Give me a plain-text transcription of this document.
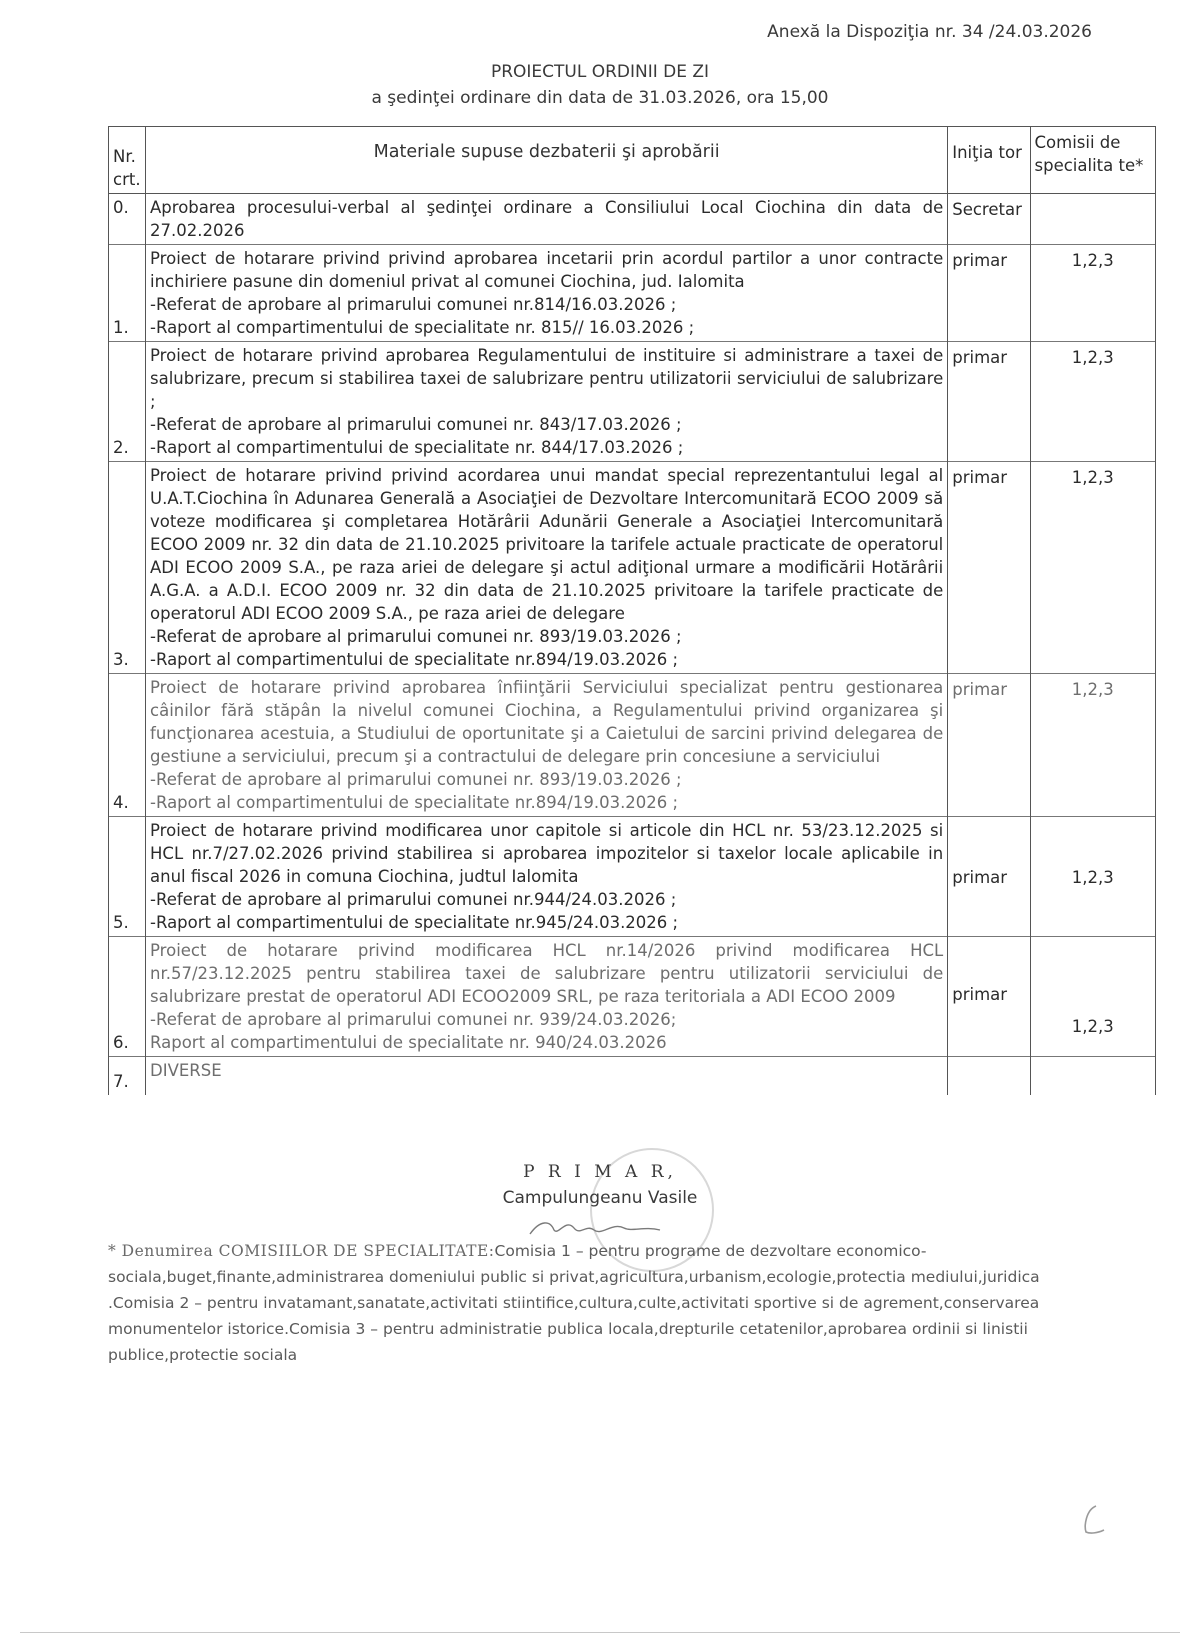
Anexă la Dispoziţia nr. 34 /24.03.2026
PROIECTUL ORDINII DE ZI
a şedinţei ordinare din data de 31.03.2026, ora 15,00
Nr. crt.	Materiale supuse dezbaterii şi aprobării	Iniţia tor	Comisii de specialita te*
0.	Aprobarea procesului-verbal al şedinţei ordinare a Consiliului Local Ciochina din data de 27.02.2026	Secretar	
1.	Proiect de hotarare privind privind aprobarea incetarii prin acordul partilor a unor contracte inchiriere pasune din domeniul privat al comunei Ciochina, jud. Ialomita
-Referat de aprobare al primarului comunei nr.814/16.03.2026 ;
-Raport al compartimentului de specialitate nr. 815// 16.03.2026 ;	primar	1,2,3
2.	Proiect de hotarare privind aprobarea Regulamentului de instituire si administrare a taxei de salubrizare, precum si stabilirea taxei de salubrizare pentru utilizatorii serviciului de salubrizare ;
-Referat de aprobare al primarului comunei nr. 843/17.03.2026 ;
-Raport al compartimentului de specialitate nr. 844/17.03.2026 ;	primar	1,2,3
3.	Proiect de hotarare privind privind acordarea unui mandat special reprezentantului legal al U.A.T.Ciochina în Adunarea Generală a Asociaţiei de Dezvoltare Intercomunitară ECOO 2009 să voteze modificarea şi completarea Hotărârii Adunării Generale a Asociaţiei Intercomunitară ECOO 2009 nr. 32 din data de 21.10.2025 privitoare la tarifele actuale practicate de operatorul ADI ECOO 2009 S.A., pe raza ariei de delegare şi actul adiţional urmare a modificării Hotărârii A.G.A. a A.D.I. ECOO 2009 nr. 32 din data de 21.10.2025 privitoare la tarifele practicate de operatorul ADI ECOO 2009 S.A., pe raza ariei de delegare
-Referat de aprobare al primarului comunei nr. 893/19.03.2026 ;
-Raport al compartimentului de specialitate nr.894/19.03.2026 ;	primar	1,2,3
4.	Proiect de hotarare privind aprobarea înfiinţării Serviciului specializat pentru gestionarea câinilor fără stăpân la nivelul comunei Ciochina, a Regulamentului privind organizarea şi funcţionarea acestuia, a Studiului de oportunitate şi a Caietului de sarcini privind delegarea de gestiune a serviciului, precum şi a contractului de delegare prin concesiune a serviciului
-Referat de aprobare al primarului comunei nr. 893/19.03.2026 ;
-Raport al compartimentului de specialitate nr.894/19.03.2026 ;	primar	1,2,3
5.	Proiect de hotarare privind modificarea unor capitole si articole din HCL nr. 53/23.12.2025 si HCL nr.7/27.02.2026 privind stabilirea si aprobarea impozitelor si taxelor locale aplicabile in anul fiscal 2026 in comuna Ciochina, judtul Ialomita
-Referat de aprobare al primarului comunei nr.944/24.03.2026 ;
-Raport al compartimentului de specialitate nr.945/24.03.2026 ;	primar	1,2,3
6.	Proiect de hotarare privind modificarea HCL nr.14/2026 privind modificarea HCL nr.57/23.12.2025 pentru stabilirea taxei de salubrizare pentru utilizatorii serviciului de salubrizare prestat de operatorul ADI ECOO2009 SRL, pe raza teritoriala a ADI ECOO 2009
-Referat de aprobare al primarului comunei nr. 939/24.03.2026;
Raport al compartimentului de specialitate nr. 940/24.03.2026	primar	1,2,3
7.	DIVERSE		

P R I M A R,
Campulungeanu Vasile
* Denumirea COMISIILOR DE SPECIALITATE:Comisia 1 – pentru programe de dezvoltare economico-sociala,buget,finante,administrarea domeniului public si privat,agricultura,urbanism,ecologie,protectia mediului,juridica .Comisia 2 – pentru invatamant,sanatate,activitati stiintifice,cultura,culte,activitati sportive si de agrement,conservarea monumentelor istorice.Comisia 3 – pentru administratie publica locala,drepturile cetatenilor,aprobarea ordinii si linistii publice,protectie sociala
